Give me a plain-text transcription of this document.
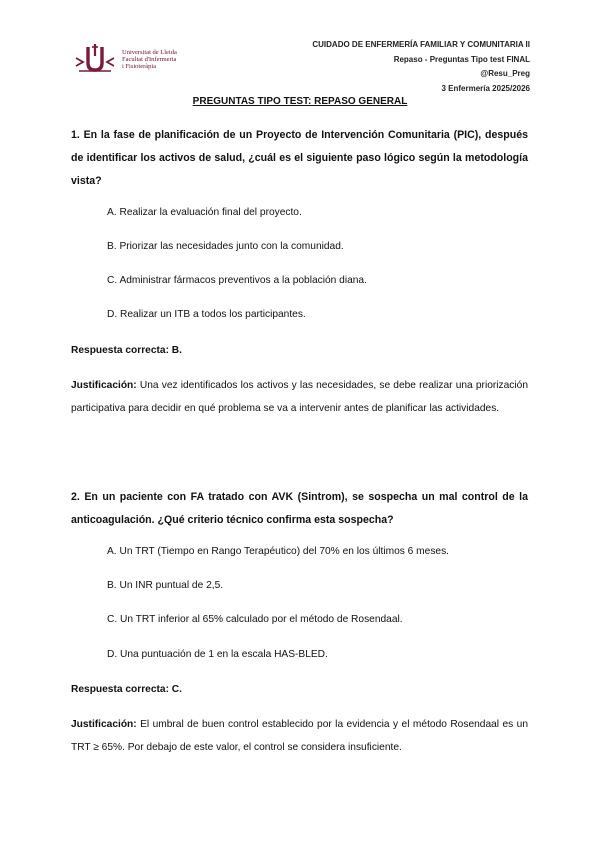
Universitat de Lleida
Facultat d'Infermeria
i Fisioteràpia
CUIDADO DE ENFERMERÍA FAMILIAR Y COMUNITARIA II
Repaso - Preguntas Tipo test FINAL
@Resu_Preg
3 Enfermería 2025/2026
PREGUNTAS TIPO TEST: REPASO GENERAL
1. En la fase de planificación de un Proyecto de Intervención Comunitaria (PIC), después de identificar los activos de salud, ¿cuál es el siguiente paso lógico según la metodología vista?
A. Realizar la evaluación final del proyecto.
B. Priorizar las necesidades junto con la comunidad.
C. Administrar fármacos preventivos a la población diana.
D. Realizar un ITB a todos los participantes.
Respuesta correcta: B.
Justificación: Una vez identificados los activos y las necesidades, se debe realizar una priorización participativa para decidir en qué problema se va a intervenir antes de planificar las actividades.
2. En un paciente con FA tratado con AVK (Sintrom), se sospecha un mal control de la anticoagulación. ¿Qué criterio técnico confirma esta sospecha?
A. Un TRT (Tiempo en Rango Terapéutico) del 70% en los últimos 6 meses.
B. Un INR puntual de 2,5.
C. Un TRT inferior al 65% calculado por el método de Rosendaal.
D. Una puntuación de 1 en la escala HAS-BLED.
Respuesta correcta: C.
Justificación: El umbral de buen control establecido por la evidencia y el método Rosendaal es un TRT ≥ 65%. Por debajo de este valor, el control se considera insuficiente.
